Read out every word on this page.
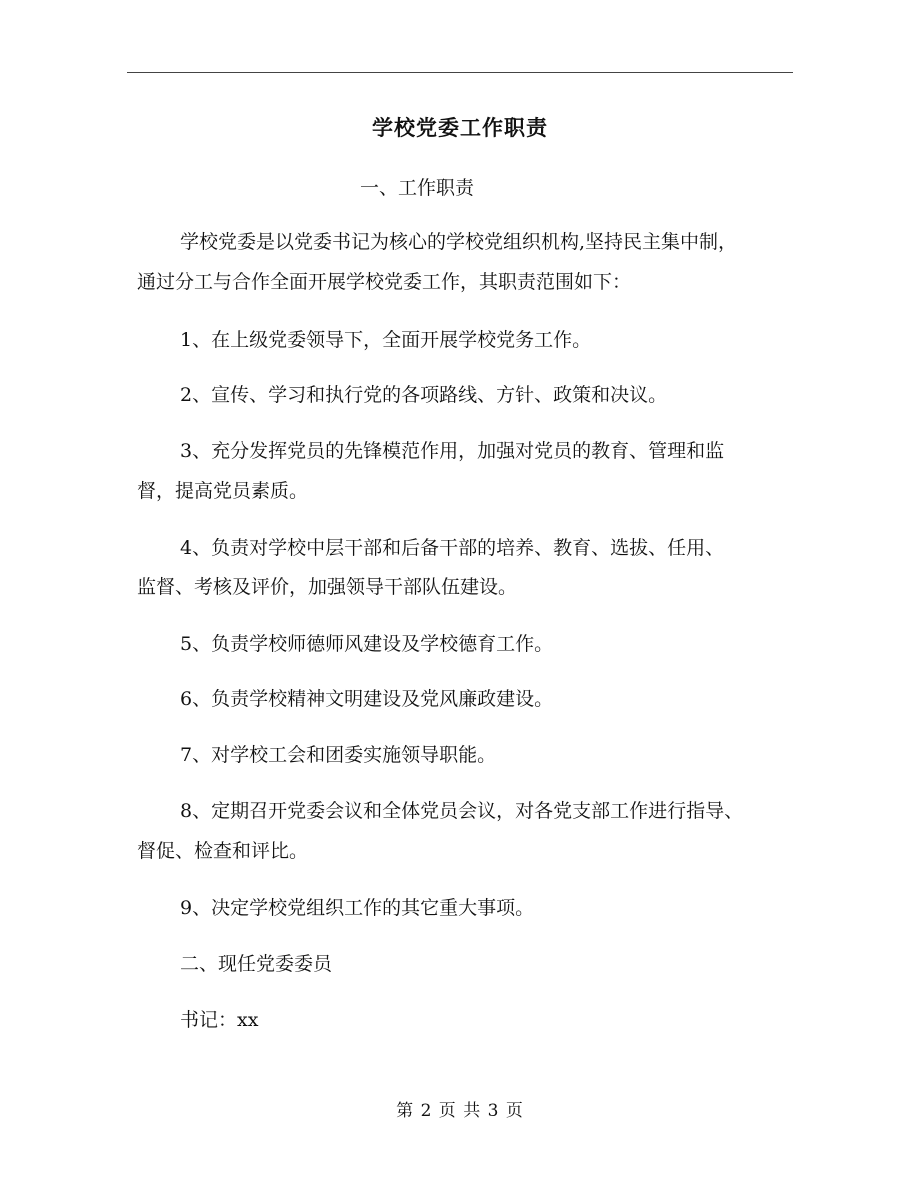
学校党委工作职责

一、工作职责

学校党委是以党委书记为核心的学校党组织机构,坚持民主集中制，

通过分工与合作全面开展学校党委工作，其职责范围如下：

1、在上级党委领导下，全面开展学校党务工作。

2、宣传、学习和执行党的各项路线、方针、政策和决议。

3、充分发挥党员的先锋模范作用，加强对党员的教育、管理和监

督，提高党员素质。

4、负责对学校中层干部和后备干部的培养、教育、选拔、任用、

监督、考核及评价，加强领导干部队伍建设。

5、负责学校师德师风建设及学校德育工作。

6、负责学校精神文明建设及党风廉政建设。

7、对学校工会和团委实施领导职能。

8、定期召开党委会议和全体党员会议，对各党支部工作进行指导、

督促、检查和评比。

9、决定学校党组织工作的其它重大事项。

二、现任党委委员

书记：xx

第 2 页 共 3 页
